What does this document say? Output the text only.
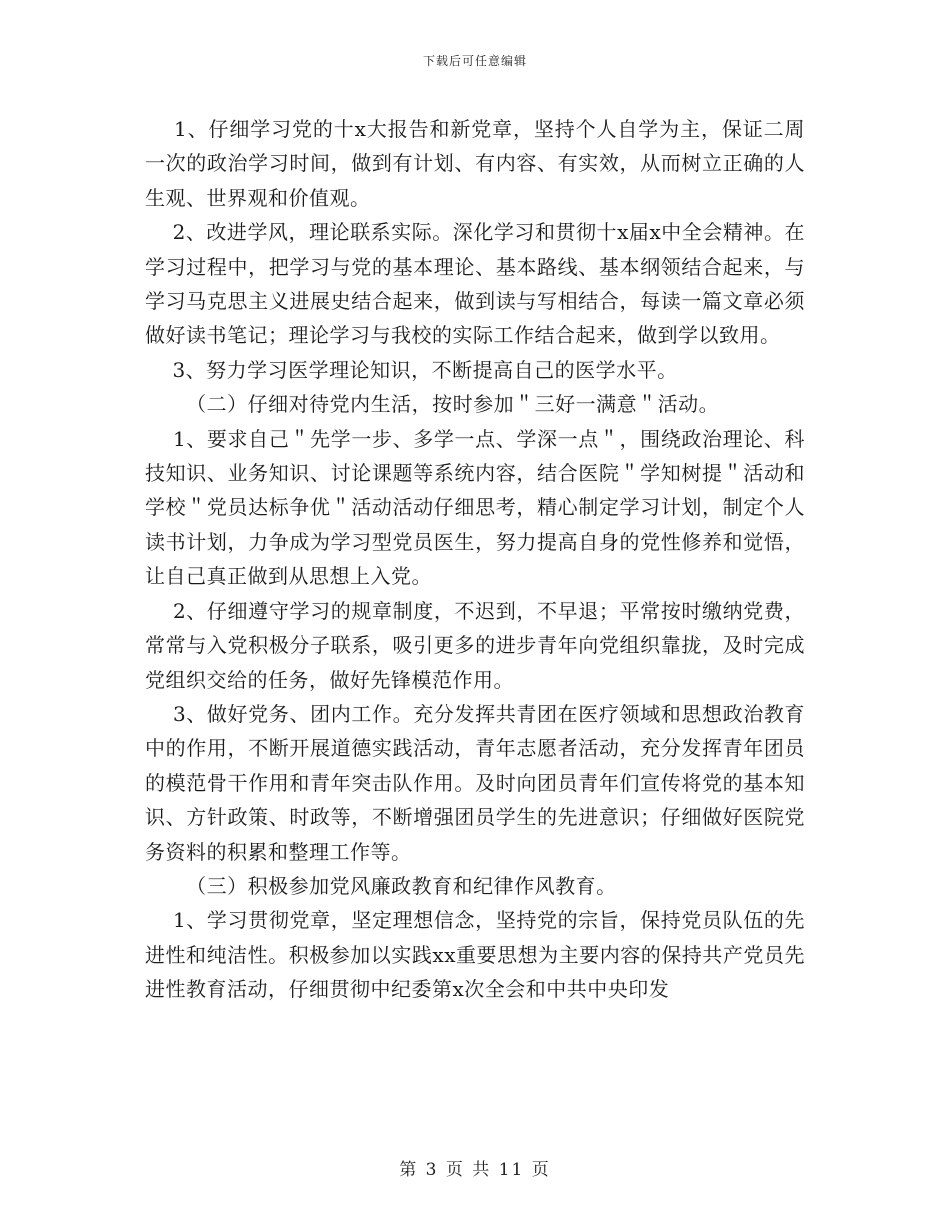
下载后可任意编辑

1、仔细学习党的十x大报告和新党章，坚持个人自学为主，保证二周一次的政治学习时间，做到有计划、有内容、有实效，从而树立正确的人生观、世界观和价值观。

2、改进学风，理论联系实际。深化学习和贯彻十x届x中全会精神。在学习过程中，把学习与党的基本理论、基本路线、基本纲领结合起来，与学习马克思主义进展史结合起来，做到读与写相结合，每读一篇文章必须做好读书笔记；理论学习与我校的实际工作结合起来，做到学以致用。

3、努力学习医学理论知识，不断提高自己的医学水平。

（二）仔细对待党内生活，按时参加＂三好一满意＂活动。

1、要求自己＂先学一步、多学一点、学深一点＂，围绕政治理论、科技知识、业务知识、讨论课题等系统内容，结合医院＂学知树提＂活动和学校＂党员达标争优＂活动活动仔细思考，精心制定学习计划，制定个人读书计划，力争成为学习型党员医生，努力提高自身的党性修养和觉悟，让自己真正做到从思想上入党。

2、仔细遵守学习的规章制度，不迟到，不早退；平常按时缴纳党费，常常与入党积极分子联系，吸引更多的进步青年向党组织靠拢，及时完成党组织交给的任务，做好先锋模范作用。

3、做好党务、团内工作。充分发挥共青团在医疗领域和思想政治教育中的作用，不断开展道德实践活动，青年志愿者活动，充分发挥青年团员的模范骨干作用和青年突击队作用。及时向团员青年们宣传将党的基本知识、方针政策、时政等，不断增强团员学生的先进意识；仔细做好医院党务资料的积累和整理工作等。

（三）积极参加党风廉政教育和纪律作风教育。

1、学习贯彻党章，坚定理想信念，坚持党的宗旨，保持党员队伍的先进性和纯洁性。积极参加以实践xx重要思想为主要内容的保持共产党员先进性教育活动，仔细贯彻中纪委第x次全会和中共中央印发

第 3 页 共 11 页
